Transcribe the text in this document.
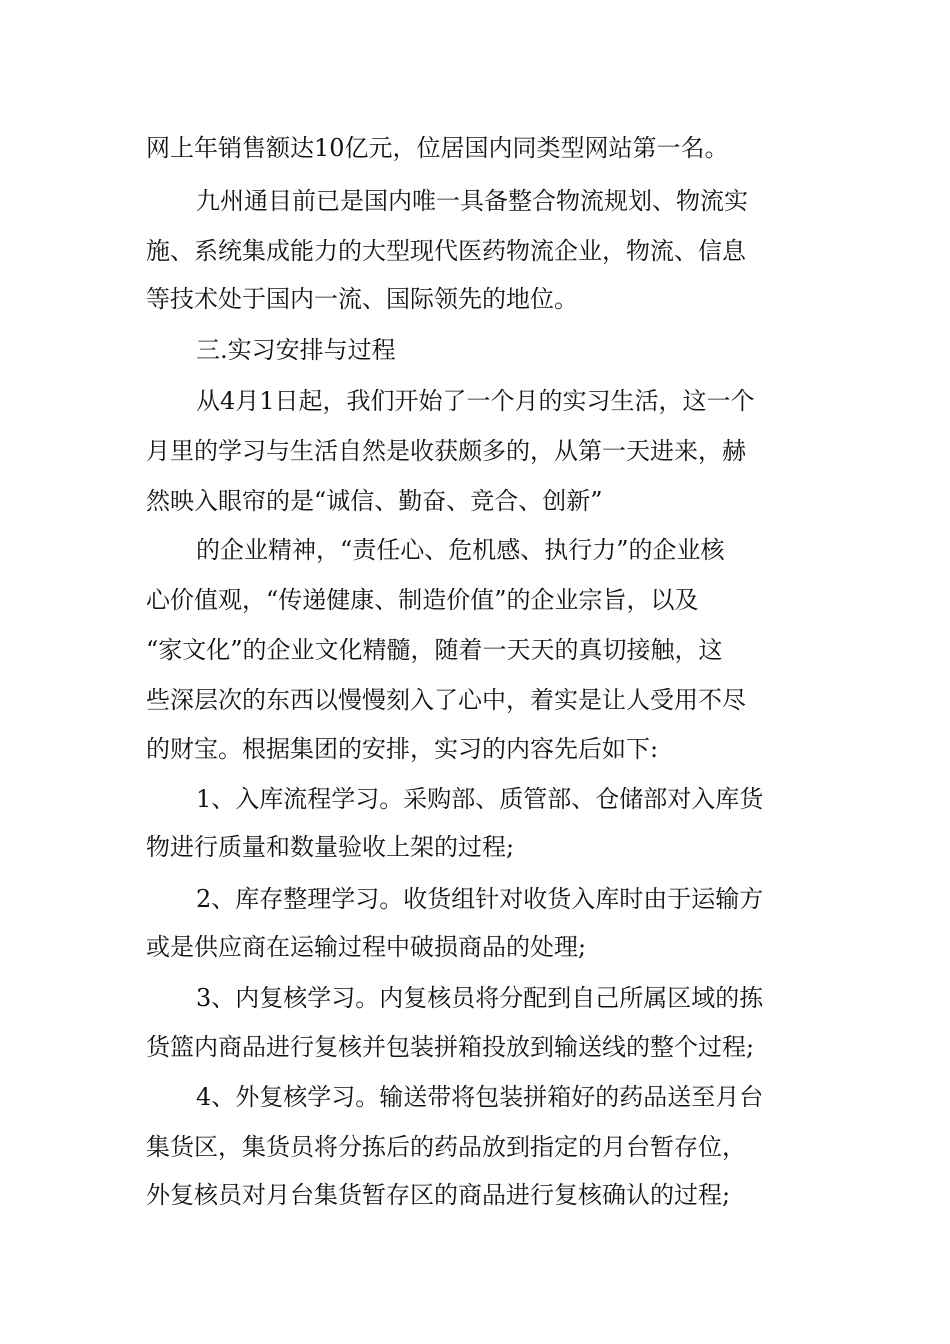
网上年销售额达10亿元，位居国内同类型网站第一名。
九州通目前已是国内唯一具备整合物流规划、物流实
施、系统集成能力的大型现代医药物流企业，物流、信息
等技术处于国内一流、国际领先的地位。
三.实习安排与过程
从4月1日起，我们开始了一个月的实习生活，这一个
月里的学习与生活自然是收获颇多的，从第一天进来，赫
然映入眼帘的是“诚信、勤奋、竞合、创新”
的企业精神，“责任心、危机感、执行力”的企业核
心价值观，“传递健康、制造价值”的企业宗旨，以及
“家文化”的企业文化精髓，随着一天天的真切接触，这
些深层次的东西以慢慢刻入了心中，着实是让人受用不尽
的财宝。根据集团的安排，实习的内容先后如下:
1、入库流程学习。采购部、质管部、仓储部对入库货
物进行质量和数量验收上架的过程;
2、库存整理学习。收货组针对收货入库时由于运输方
或是供应商在运输过程中破损商品的处理;
3、内复核学习。内复核员将分配到自己所属区域的拣
货篮内商品进行复核并包装拼箱投放到输送线的整个过程;
4、外复核学习。输送带将包装拼箱好的药品送至月台
集货区，集货员将分拣后的药品放到指定的月台暂存位，
外复核员对月台集货暂存区的商品进行复核确认的过程;
